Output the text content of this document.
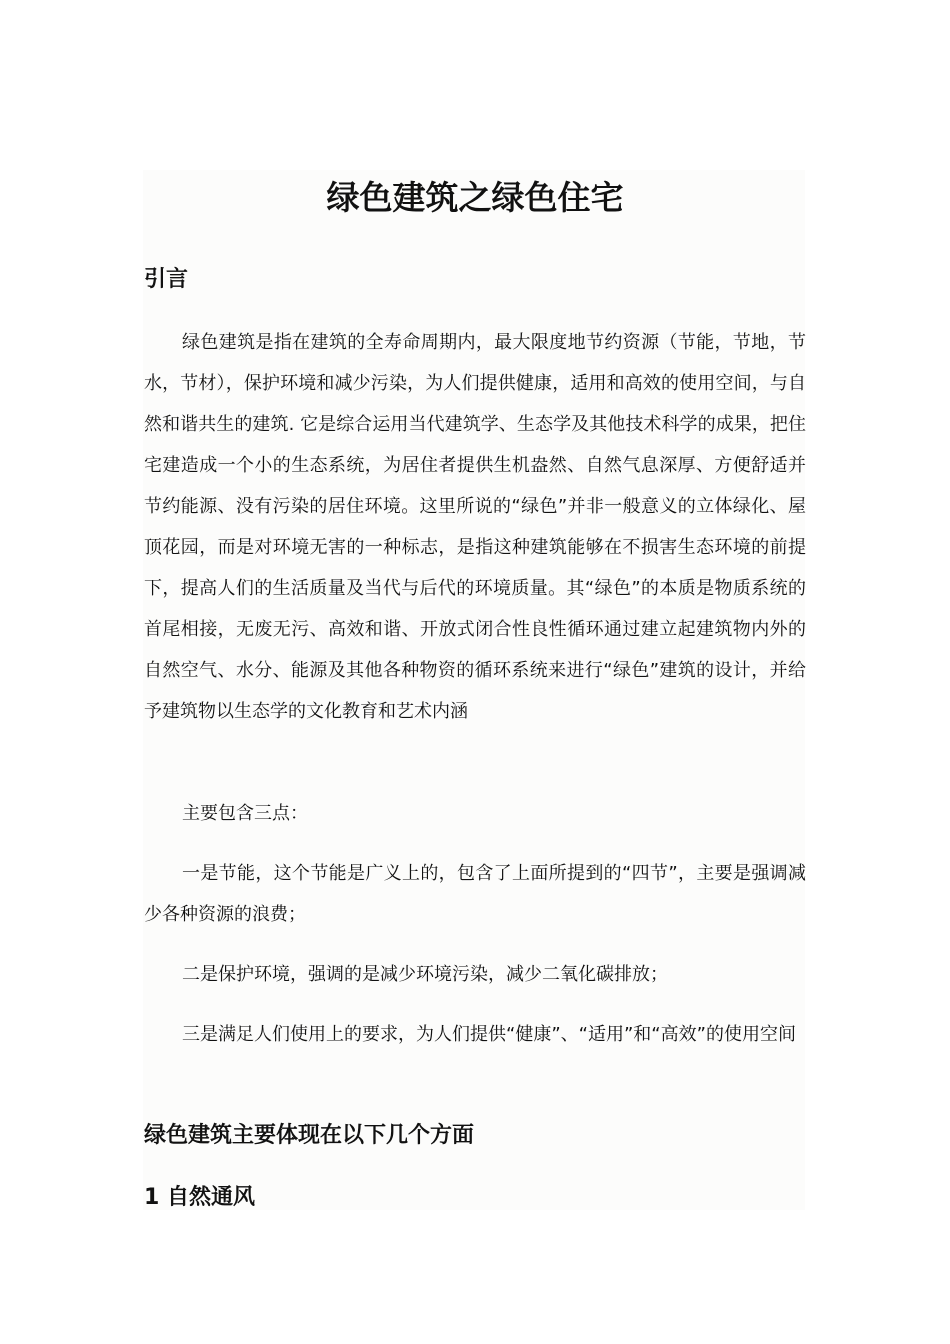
绿色建筑之绿色住宅
引言

绿色建筑是指在建筑的全寿命周期内，最大限度地节约资源（节能，节地，节水，节材），保护环境和减少污染，为人们提供健康，适用和高效的使用空间，与自然和谐共生的建筑. 它是综合运用当代建筑学、生态学及其他技术科学的成果，把住宅建造成一个小的生态系统，为居住者提供生机盎然、自然气息深厚、方便舒适并节约能源、没有污染的居住环境。这里所说的“绿色”并非一般意义的立体绿化、屋顶花园，而是对环境无害的一种标志，是指这种建筑能够在不损害生态环境的前提下，提高人们的生活质量及当代与后代的环境质量。其“绿色”的本质是物质系统的首尾相接，无废无污、高效和谐、开放式闭合性良性循环通过建立起建筑物内外的自然空气、水分、能源及其他各种物资的循环系统来进行“绿色”建筑的设计，并给予建筑物以生态学的文化教育和艺术内涵

主要包含三点：

一是节能，这个节能是广义上的，包含了上面所提到的“四节”，主要是强调减少各种资源的浪费；

二是保护环境，强调的是减少环境污染，减少二氧化碳排放；

三是满足人们使用上的要求，为人们提供“健康”、“适用”和“高效”的使用空间

绿色建筑主要体现在以下几个方面
1 自然通风
